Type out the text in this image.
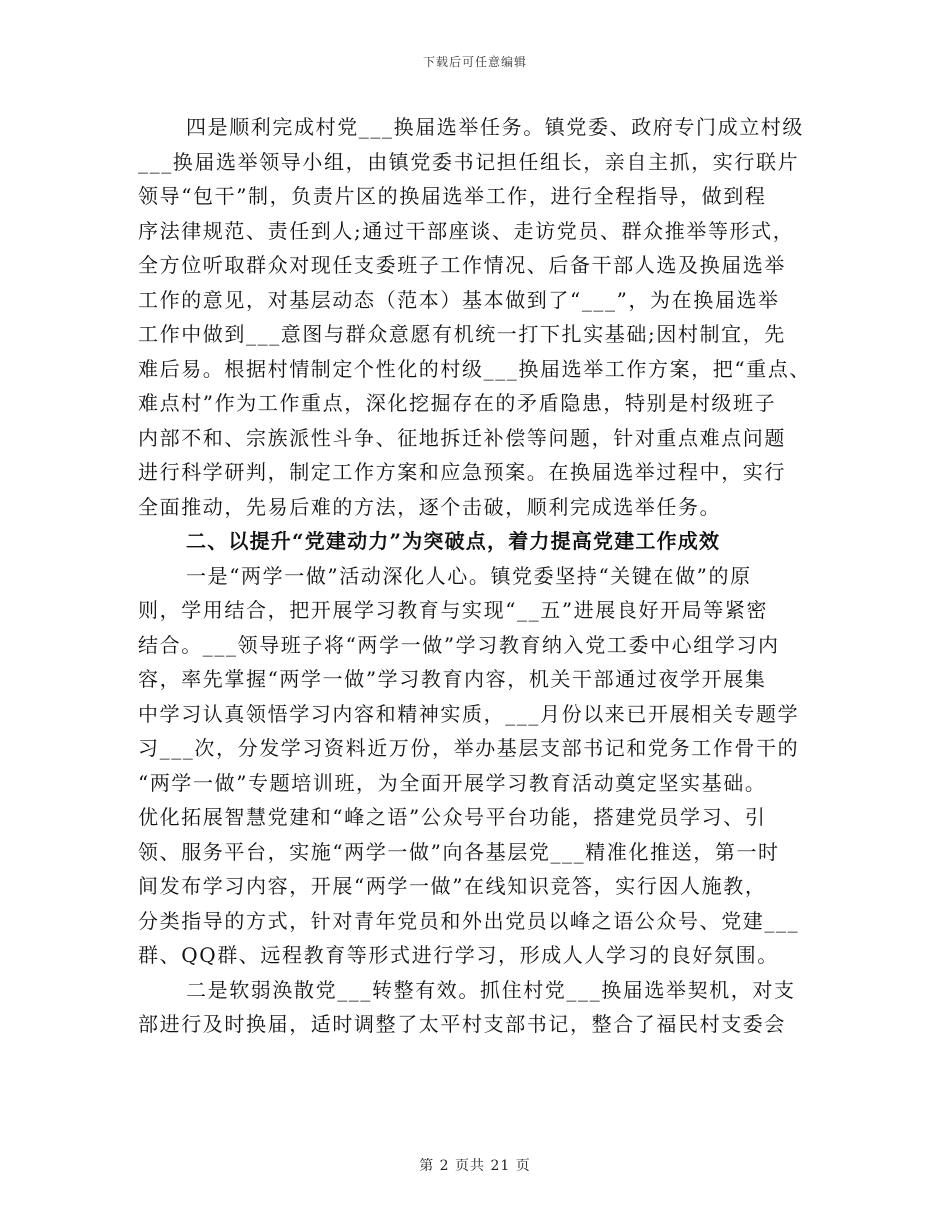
下载后可任意编辑
四是顺利完成村党___换届选举任务。镇党委、政府专门成立村级
___换届选举领导小组，由镇党委书记担任组长，亲自主抓，实行联片
领导“包干”制，负责片区的换届选举工作，进行全程指导，做到程
序法律规范、责任到人;通过干部座谈、走访党员、群众推举等形式，
全方位听取群众对现任支委班子工作情况、后备干部人选及换届选举
工作的意见，对基层动态（范本）基本做到了“___”，为在换届选举
工作中做到___意图与群众意愿有机统一打下扎实基础;因村制宜，先
难后易。根据村情制定个性化的村级___换届选举工作方案，把“重点、
难点村”作为工作重点，深化挖掘存在的矛盾隐患，特别是村级班子
内部不和、宗族派性斗争、征地拆迁补偿等问题，针对重点难点问题
进行科学研判，制定工作方案和应急预案。在换届选举过程中，实行
全面推动，先易后难的方法，逐个击破，顺利完成选举任务。
二、以提升“党建动力”为突破点，着力提高党建工作成效
一是“两学一做”活动深化人心。镇党委坚持“关键在做”的原
则，学用结合，把开展学习教育与实现“__五”进展良好开局等紧密
结合。___领导班子将“两学一做”学习教育纳入党工委中心组学习内
容，率先掌握“两学一做”学习教育内容，机关干部通过夜学开展集
中学习认真领悟学习内容和精神实质，___月份以来已开展相关专题学
习___次，分发学习资料近万份，举办基层支部书记和党务工作骨干的
“两学一做”专题培训班，为全面开展学习教育活动奠定坚实基础。
优化拓展智慧党建和“峰之语”公众号平台功能，搭建党员学习、引
领、服务平台，实施“两学一做”向各基层党___精准化推送，第一时
间发布学习内容，开展“两学一做”在线知识竞答，实行因人施教，
分类指导的方式，针对青年党员和外出党员以峰之语公众号、党建___
群、QQ群、远程教育等形式进行学习，形成人人学习的良好氛围。
二是软弱涣散党___转整有效。抓住村党___换届选举契机，对支
部进行及时换届，适时调整了太平村支部书记，整合了福民村支委会
第 2 页共 21 页
